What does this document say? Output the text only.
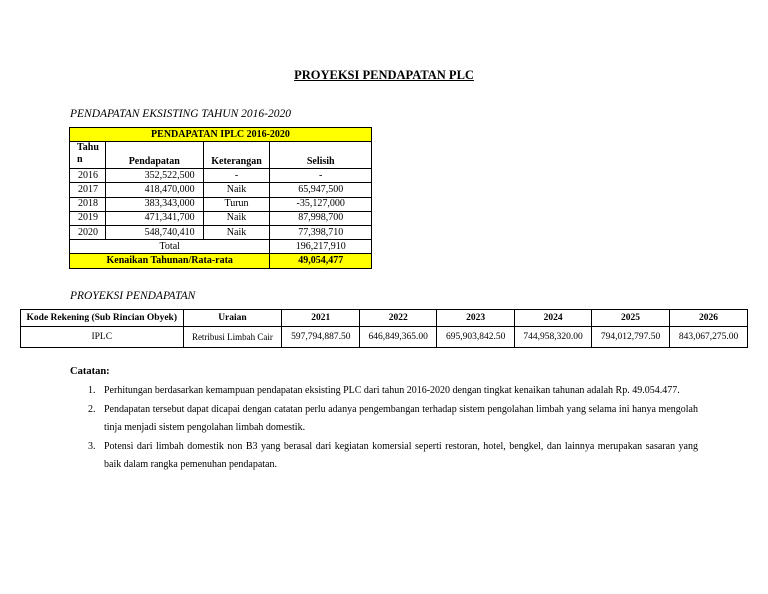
PROYEKSI PENDAPATAN PLC
PENDAPATAN EKSISTING TAHUN 2016-2020
PENDAPATAN IPLC 2016-2020			
Tahu n	Pendapatan	Keterangan	Selisih
2016	352,522,500	-	-
2017	418,470,000	Naik	65,947,500
2018	383,343,000	Turun	-35,127,000
2019	471,341,700	Naik	87,998,700
2020	548,740,410	Naik	77,398,710
Total			196,217,910
Kenaikan Tahunan/Rata-rata			49,054,477
PROYEKSI PENDAPATAN
Kode Rekening (Sub Rincian Obyek)	Uraian	2021	2022	2023	2024	2025	2026
IPLC	Retribusi Limbah Cair	597,794,887.50	646,849,365.00	695,903,842.50	744,958,320.00	794,012,797.50	843,067,275.00
Catatan:
1. Perhitungan berdasarkan kemampuan pendapatan eksisting PLC dari tahun 2016-2020 dengan tingkat kenaikan tahunan adalah Rp. 49.054.477.
2. Pendapatan tersebut dapat dicapai dengan catatan perlu adanya pengembangan terhadap sistem pengolahan limbah yang selama ini hanya mengolah tinja menjadi sistem pengolahan limbah domestik.
3. Potensi dari limbah domestik non B3 yang berasal dari kegiatan komersial seperti restoran, hotel, bengkel, dan lainnya merupakan sasaran yang baik dalam rangka pemenuhan pendapatan.
